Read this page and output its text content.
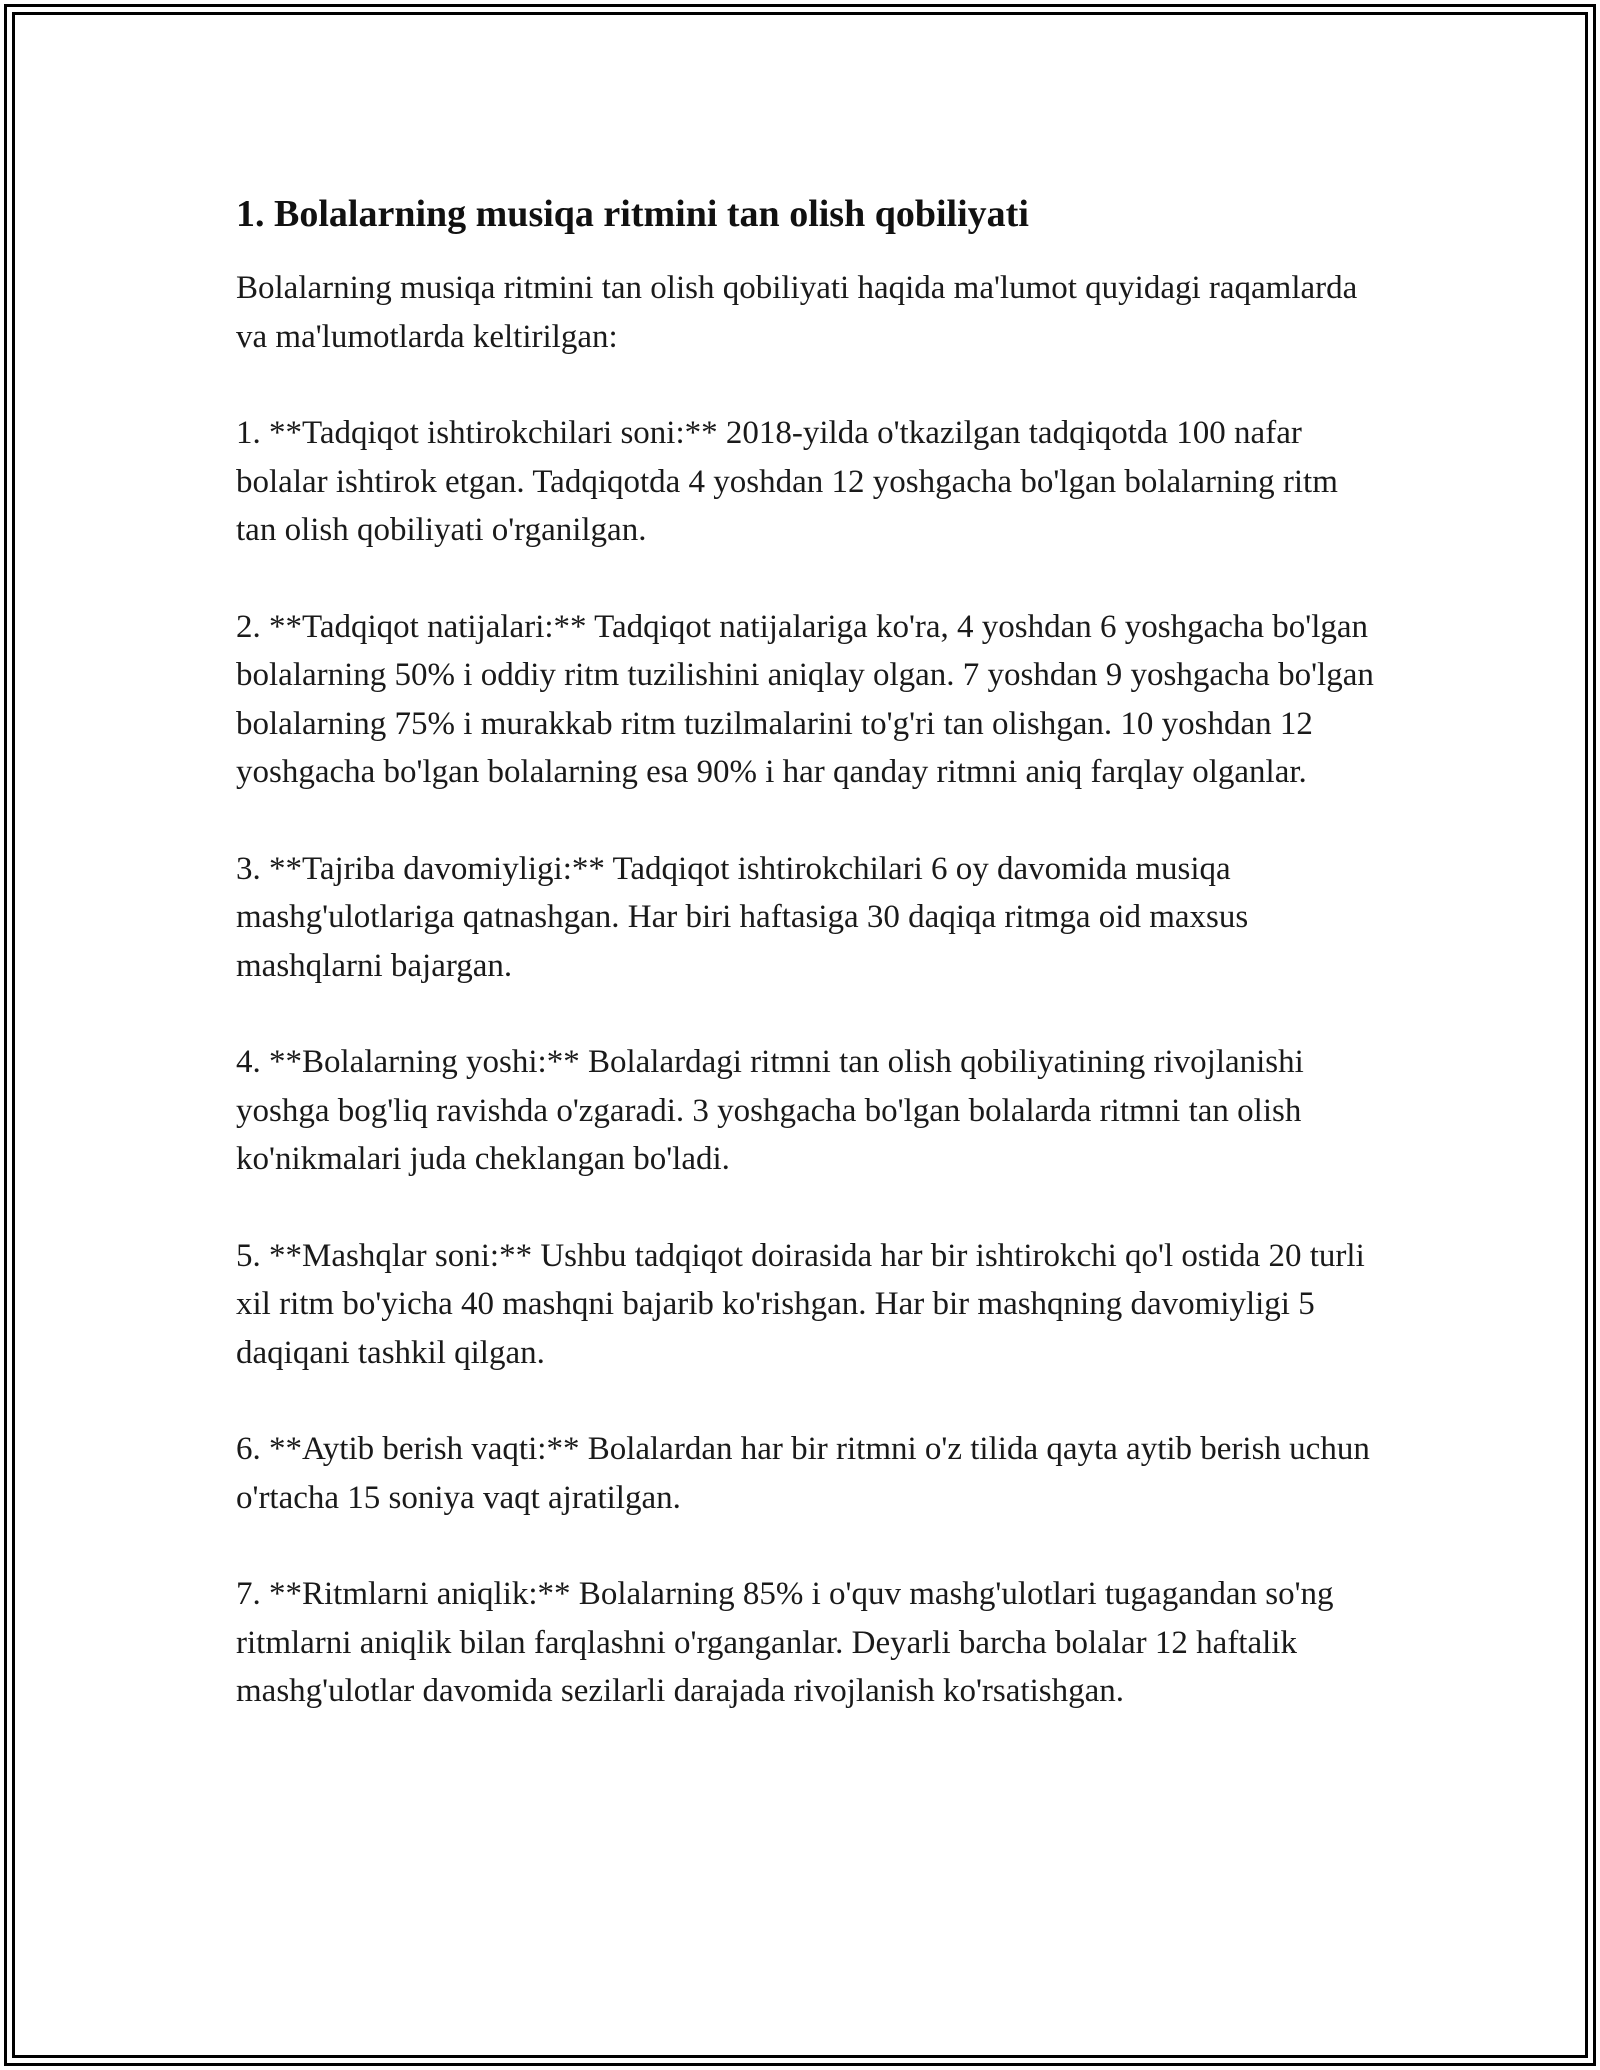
1. Bolalarning musiqa ritmini tan olish qobiliyati

Bolalarning musiqa ritmini tan olish qobiliyati haqida ma'lumot quyidagi raqamlarda va ma'lumotlarda keltirilgan:

1. **Tadqiqot ishtirokchilari soni:** 2018-yilda o'tkazilgan tadqiqotda 100 nafar bolalar ishtirok etgan. Tadqiqotda 4 yoshdan 12 yoshgacha bo'lgan bolalarning ritm tan olish qobiliyati o'rganilgan.

2. **Tadqiqot natijalari:** Tadqiqot natijalariga ko'ra, 4 yoshdan 6 yoshgacha bo'lgan bolalarning 50% i oddiy ritm tuzilishini aniqlay olgan. 7 yoshdan 9 yoshgacha bo'lgan bolalarning 75% i murakkab ritm tuzilmalarini to'g'ri tan olishgan. 10 yoshdan 12 yoshgacha bo'lgan bolalarning esa 90% i har qanday ritmni aniq farqlay olganlar.

3. **Tajriba davomiyligi:** Tadqiqot ishtirokchilari 6 oy davomida musiqa mashg'ulotlariga qatnashgan. Har biri haftasiga 30 daqiqa ritmga oid maxsus mashqlarni bajargan.

4. **Bolalarning yoshi:** Bolalardagi ritmni tan olish qobiliyatining rivojlanishi yoshga bog'liq ravishda o'zgaradi. 3 yoshgacha bo'lgan bolalarda ritmni tan olish ko'nikmalari juda cheklangan bo'ladi.

5. **Mashqlar soni:** Ushbu tadqiqot doirasida har bir ishtirokchi qo'l ostida 20 turli xil ritm bo'yicha 40 mashqni bajarib ko'rishgan. Har bir mashqning davomiyligi 5 daqiqani tashkil qilgan.

6. **Aytib berish vaqti:** Bolalardan har bir ritmni o'z tilida qayta aytib berish uchun o'rtacha 15 soniya vaqt ajratilgan.

7. **Ritmlarni aniqlik:** Bolalarning 85% i o'quv mashg'ulotlari tugagandan so'ng ritmlarni aniqlik bilan farqlashni o'rganganlar. Deyarli barcha bolalar 12 haftalik mashg'ulotlar davomida sezilarli darajada rivojlanish ko'rsatishgan.
